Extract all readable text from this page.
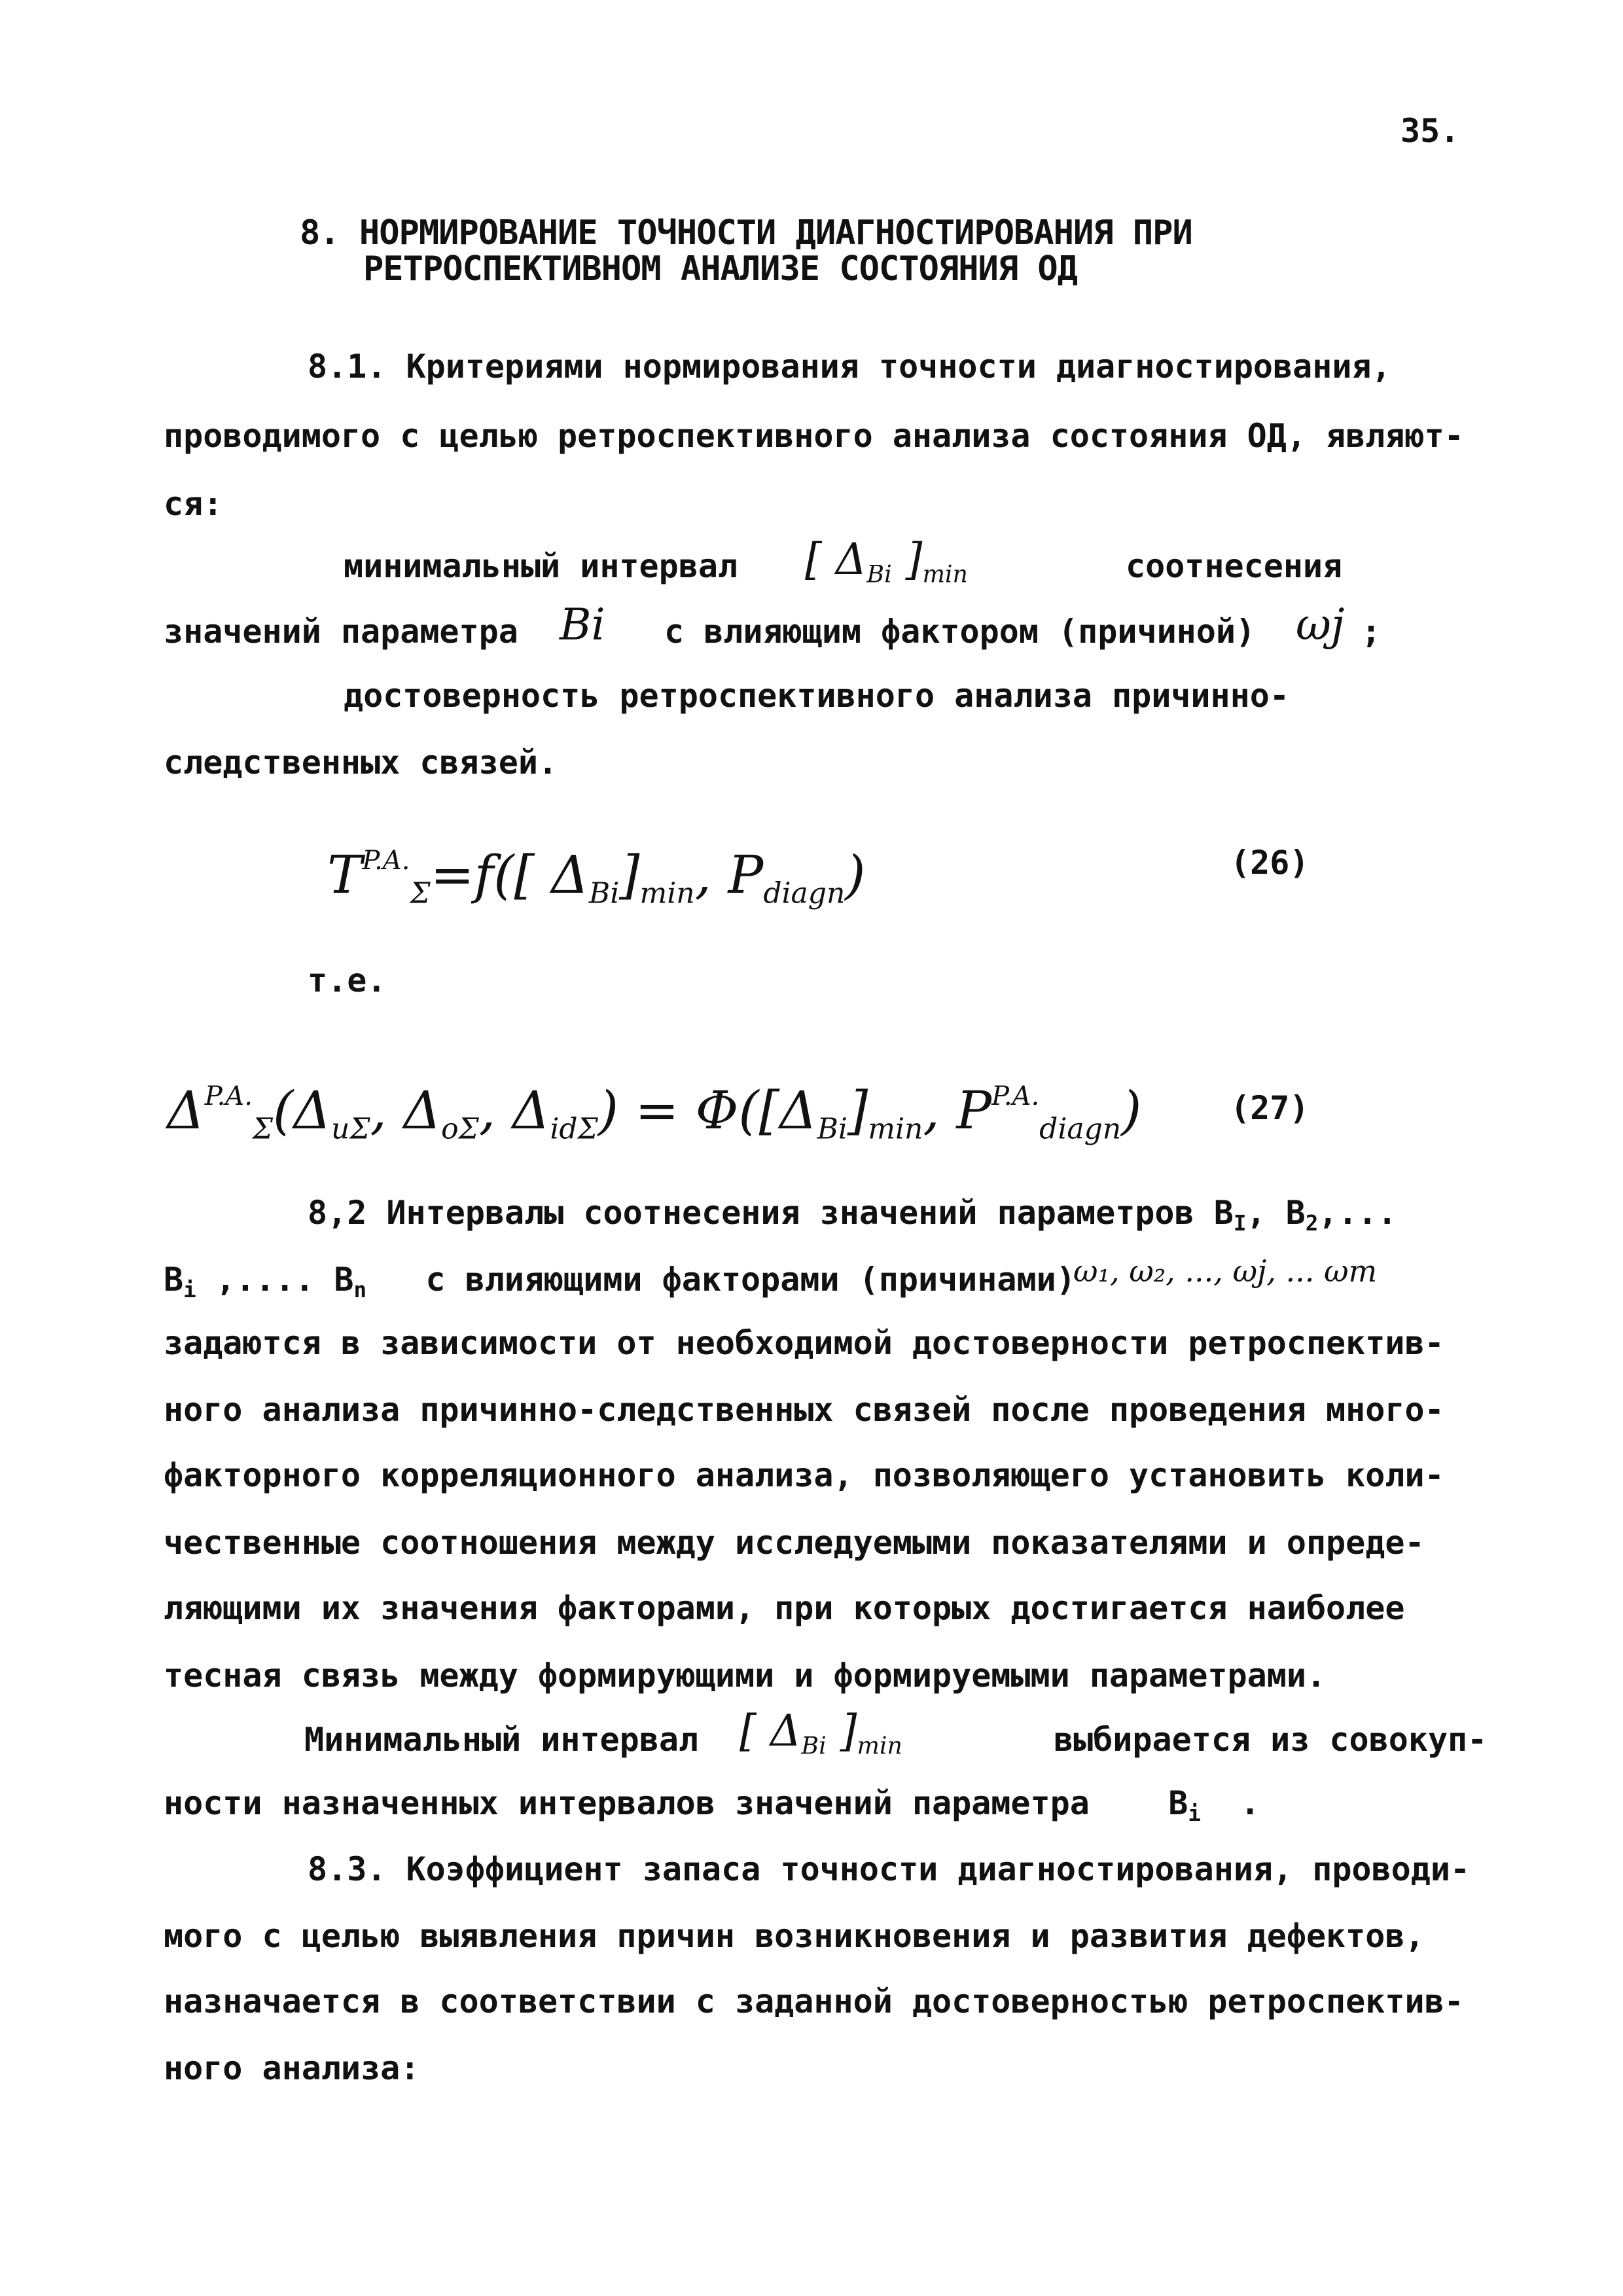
35.
8. НОРМИРОВАНИЕ ТОЧНОСТИ ДИАГНОСТИРОВАНИЯ ПРИ
РЕТРОСПЕКТИВНОМ АНАЛИЗЕ СОСТОЯНИЯ ОД
8.1. Критериями нормирования точности диагностирования,
проводимого с целью ретроспективного анализа состояния ОД, являют-
ся:
минимальный интервал [ $\Delta_{Bi}$ ]$_{min}$	соотнесения
значений параметра Bi с влияющим фактором (причиной) ωj ;
достоверность ретроспективного анализа причинно-
следственных связей.
$T^{P.A.}_\Sigma=f$([ $\Delta_{Bi}]_{min}$, $P_{diagn}$)	(26)
т.е.
$\Delta^{P.A.}_\Sigma(\Delta_{u\Sigma}$, $\Delta_{o\Sigma}$, $\Delta_{id\Sigma}) = \Phi([\Delta_{Bi}]_{min}$, $P^{P.A.}_{diagn}$)	(27)
8,2 Интервалы соотнесения значений параметров $B_I$, $B_2$,...
$B_i$ ,.... $B_n$   с влияющими факторами (причинами)
ω₁, ω₂, ..., ωj, ... ωm
задаются в зависимости от необходимой достоверности ретроспектив-
ного анализа причинно-следственных связей после проведения много-
факторного корреляционного анализа, позволяющего установить коли-
чественные соотношения между исследуемыми показателями и опреде-
ляющими их значения факторами, при которых достигается наиболее
тесная связь между формирующими и формируемыми параметрами.
Минимальный интервал [ $\Delta_{Bi}$ ]$_{min}$	выбирается из совокуп-
ности назначенных интервалов значений параметра $B_i$ .
8.3. Коэффициент запаса точности диагностирования, проводи-
мого с целью выявления причин возникновения и развития дефектов,
назначается в соответствии с заданной достоверностью ретроспектив-
ного анализа:
